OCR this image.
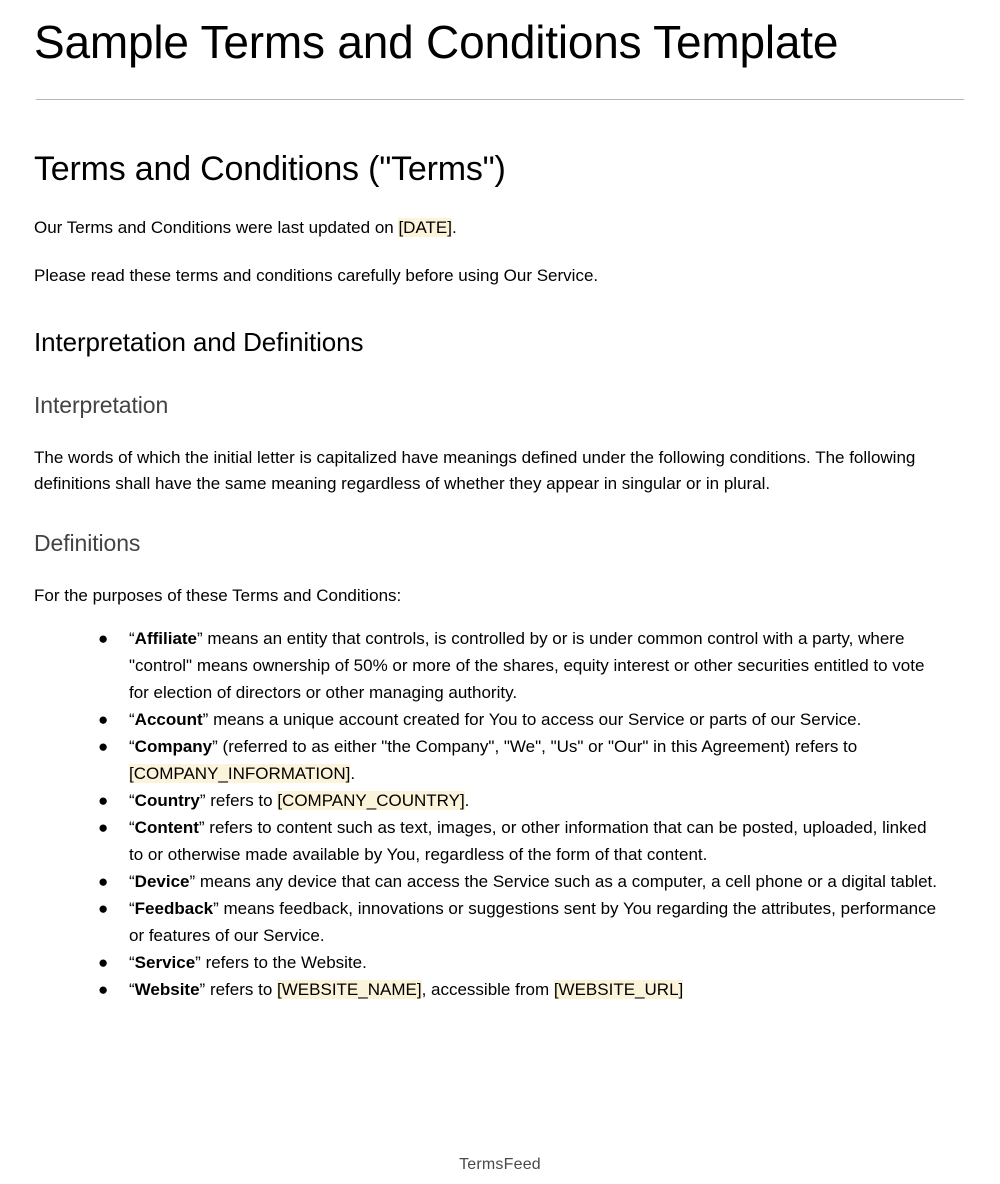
Sample Terms and Conditions Template
Terms and Conditions ("Terms")

Our Terms and Conditions were last updated on [DATE].

Please read these terms and conditions carefully before using Our Service.

Interpretation and Definitions
Interpretation

The words of which the initial letter is capitalized have meanings defined under the following conditions. The following definitions shall have the same meaning regardless of whether they appear in singular or in plural.

Definitions

For the purposes of these Terms and Conditions:

● “Affiliate” means an entity that controls, is controlled by or is under common control with a party, where "control" means ownership of 50% or more of the shares, equity interest or other securities entitled to vote for election of directors or other managing authority.
● “Account” means a unique account created for You to access our Service or parts of our Service.
● “Company” (referred to as either "the Company", "We", "Us" or "Our" in this Agreement) refers to [COMPANY_INFORMATION].
● “Country” refers to [COMPANY_COUNTRY].
● “Content” refers to content such as text, images, or other information that can be posted, uploaded, linked to or otherwise made available by You, regardless of the form of that content.
● “Device” means any device that can access the Service such as a computer, a cell phone or a digital tablet.
● “Feedback” means feedback, innovations or suggestions sent by You regarding the attributes, performance or features of our Service.
● “Service” refers to the Website.
● “Website” refers to [WEBSITE_NAME], accessible from [WEBSITE_URL]
TermsFeed
